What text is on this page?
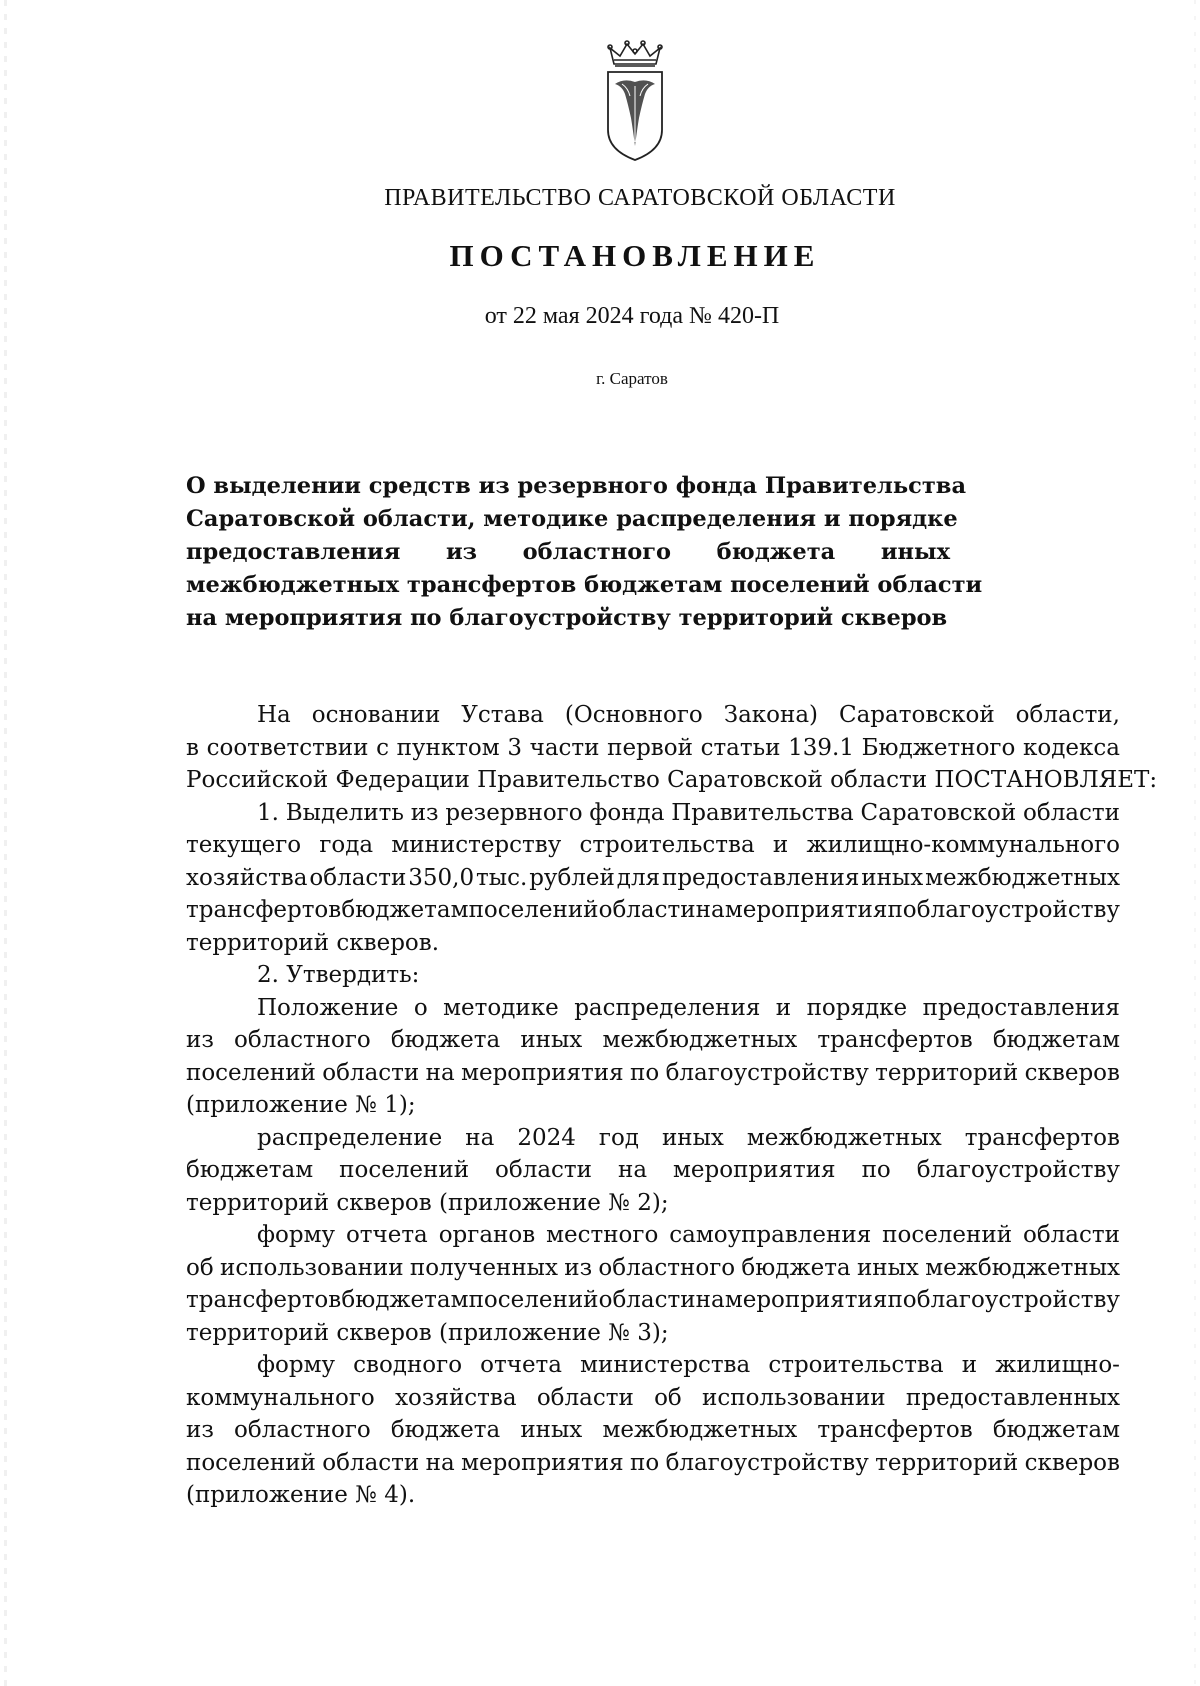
ПРАВИТЕЛЬСТВО САРАТОВСКОЙ ОБЛАСТИ
ПОСТАНОВЛЕНИЕ
от 22 мая 2024 года № 420-П
г. Саратов
О выделении средств из резервного фонда Правительства
Саратовской области, методике распределения и порядке
предоставления из областного бюджета иных
межбюджетных трансфертов бюджетам поселений области
на мероприятия по благоустройству территорий скверов
На основании Устава (Основного Закона) Саратовской области,
в соответствии с пунктом 3 части первой статьи 139.1 Бюджетного кодекса
Российской Федерации Правительство Саратовской области ПОСТАНОВЛЯЕТ:
1. Выделить из резервного фонда Правительства Саратовской области
текущего года министерству строительства и жилищно-коммунального
хозяйства области 350,0 тыс. рублей для предоставления иных межбюджетных
трансфертов бюджетам поселений области на мероприятия по благоустройству
территорий скверов.
2. Утвердить:
Положение о методике распределения и порядке предоставления
из областного бюджета иных межбюджетных трансфертов бюджетам
поселений области на мероприятия по благоустройству территорий скверов
(приложение № 1);
распределение на 2024 год иных межбюджетных трансфертов
бюджетам поселений области на мероприятия по благоустройству
территорий скверов (приложение № 2);
форму отчета органов местного самоуправления поселений области
об использовании полученных из областного бюджета иных межбюджетных
трансфертов бюджетам поселений области на мероприятия по благоустройству
территорий скверов (приложение № 3);
форму сводного отчета министерства строительства и жилищно-
коммунального хозяйства области об использовании предоставленных
из областного бюджета иных межбюджетных трансфертов бюджетам
поселений области на мероприятия по благоустройству территорий скверов
(приложение № 4).
